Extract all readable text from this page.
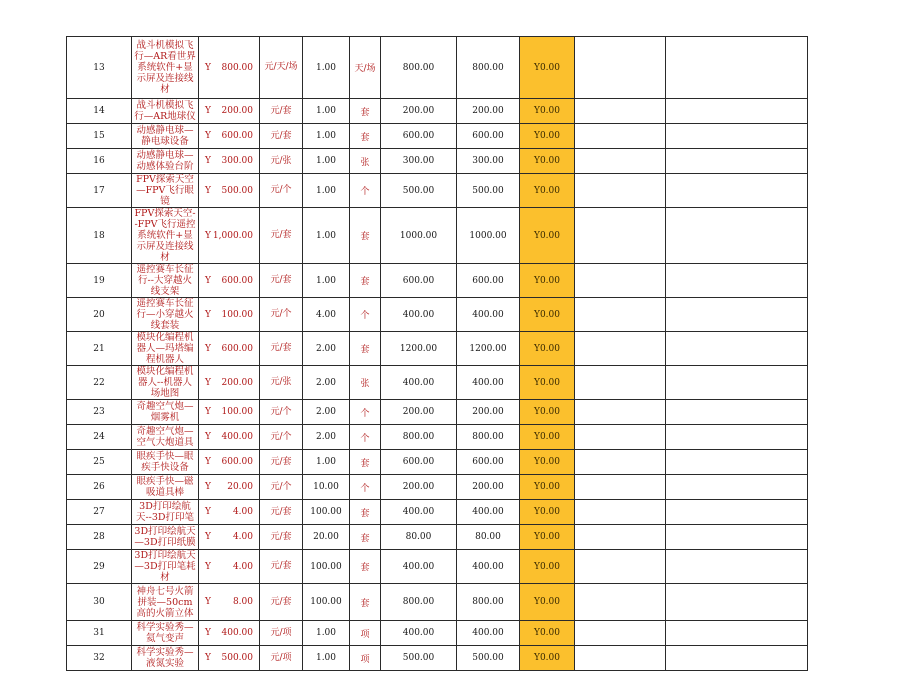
13	战斗机模拟飞行—AR看世界系统软件+显示屏及连接线材	Y 800.00	元/天/场	1.00	天/场	800.00	800.00	Y0.00		
14	战斗机模拟飞行—AR地球仪	Y 200.00	元/套	1.00	套	200.00	200.00	Y0.00		
15	动感静电球—静电球设备	Y 600.00	元/套	1.00	套	600.00	600.00	Y0.00		
16	动感静电球—动感体验台阶	Y 300.00	元/张	1.00	张	300.00	300.00	Y0.00		
17	FPV探索天空—FPV飞行眼镜	Y 500.00	元/个	1.00	个	500.00	500.00	Y0.00		
18	FPV探索天空--FPV飞行遥控系统软件+显示屏及连接线材	Y 1,000.00	元/套	1.00	套	1000.00	1000.00	Y0.00		
19	遥控赛车长征行--大穿越火线支架	Y 600.00	元/套	1.00	套	600.00	600.00	Y0.00		
20	遥控赛车长征行—小穿越火线套装	Y 100.00	元/个	4.00	个	400.00	400.00	Y0.00		
21	模块化编程机器人—玛塔编程机器人	Y 600.00	元/套	2.00	套	1200.00	1200.00	Y0.00		
22	模块化编程机器人--机器人场地图	Y 200.00	元/张	2.00	张	400.00	400.00	Y0.00		
23	奇趣空气炮—烟雾机	Y 100.00	元/个	2.00	个	200.00	200.00	Y0.00		
24	奇趣空气炮—空气大炮道具	Y 400.00	元/个	2.00	个	800.00	800.00	Y0.00		
25	眼疾手快—眼疾手快设备	Y 600.00	元/套	1.00	套	600.00	600.00	Y0.00		
26	眼疾手快—磁吸道具棒	Y 20.00	元/个	10.00	个	200.00	200.00	Y0.00		
27	3D打印绘航天--3D打印笔	Y 4.00	元/套	100.00	套	400.00	400.00	Y0.00		
28	3D打印绘航天—3D打印纸膜	Y 4.00	元/套	20.00	套	80.00	80.00	Y0.00		
29	3D打印绘航天—3D打印笔耗材	Y 4.00	元/套	100.00	套	400.00	400.00	Y0.00		
30	神舟七号火箭拼装—50cm高的火箭立体	Y 8.00	元/套	100.00	套	800.00	800.00	Y0.00		
31	科学实验秀—氦气变声	Y 400.00	元/项	1.00	项	400.00	400.00	Y0.00		
32	科学实验秀—液氮实验	Y 500.00	元/项	1.00	项	500.00	500.00	Y0.00		
